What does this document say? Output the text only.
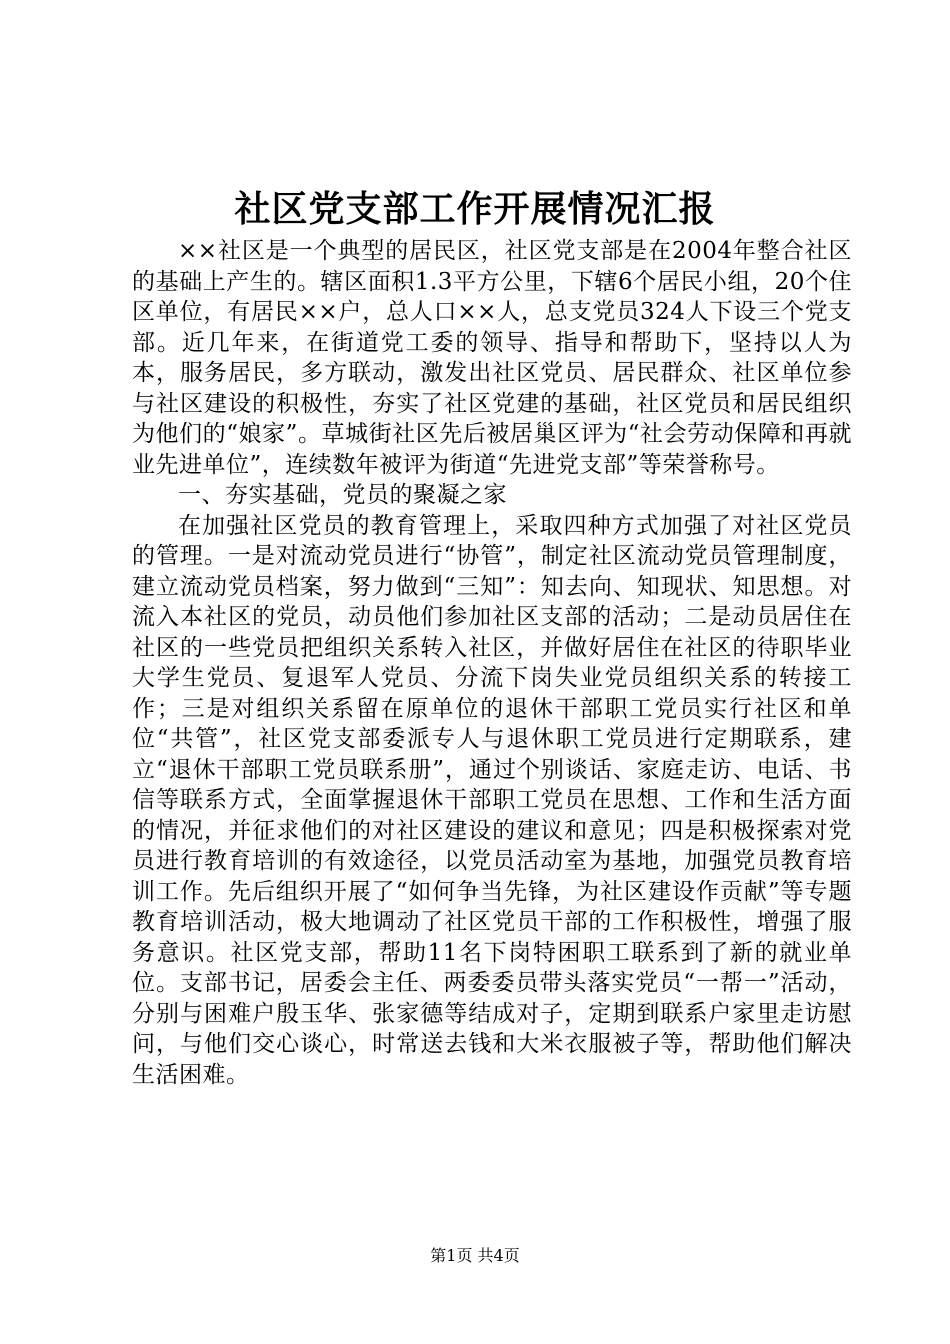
社区党支部工作开展情况汇报

××社区是一个典型的居民区，社区党支部是在2004年整合社区的基础上产生的。辖区面积1.3平方公里，下辖6个居民小组，20个住区单位，有居民××户，总人口××人，总支党员324人下设三个党支部。近几年来，在街道党工委的领导、指导和帮助下，坚持以人为本，服务居民，多方联动，激发出社区党员、居民群众、社区单位参与社区建设的积极性，夯实了社区党建的基础，社区党员和居民组织为他们的“娘家”。草城街社区先后被居巢区评为“社会劳动保障和再就业先进单位”，连续数年被评为街道“先进党支部”等荣誉称号。

一、夯实基础，党员的聚凝之家

在加强社区党员的教育管理上，采取四种方式加强了对社区党员的管理。一是对流动党员进行“协管”，制定社区流动党员管理制度，建立流动党员档案，努力做到“三知”：知去向、知现状、知思想。对流入本社区的党员，动员他们参加社区支部的活动；二是动员居住在社区的一些党员把组织关系转入社区，并做好居住在社区的待职毕业大学生党员、复退军人党员、分流下岗失业党员组织关系的转接工作；三是对组织关系留在原单位的退休干部职工党员实行社区和单位“共管”，社区党支部委派专人与退休职工党员进行定期联系，建立“退休干部职工党员联系册”，通过个别谈话、家庭走访、电话、书信等联系方式，全面掌握退休干部职工党员在思想、工作和生活方面的情况，并征求他们的对社区建设的建议和意见；四是积极探索对党员进行教育培训的有效途径，以党员活动室为基地，加强党员教育培训工作。先后组织开展了“如何争当先锋，为社区建设作贡献”等专题教育培训活动，极大地调动了社区党员干部的工作积极性，增强了服务意识。社区党支部，帮助11名下岗特困职工联系到了新的就业单位。支部书记，居委会主任、两委委员带头落实党员“一帮一”活动，分别与困难户殷玉华、张家德等结成对子，定期到联系户家里走访慰问，与他们交心谈心，时常送去钱和大米衣服被子等，帮助他们解决生活困难。

第1页 共4页
